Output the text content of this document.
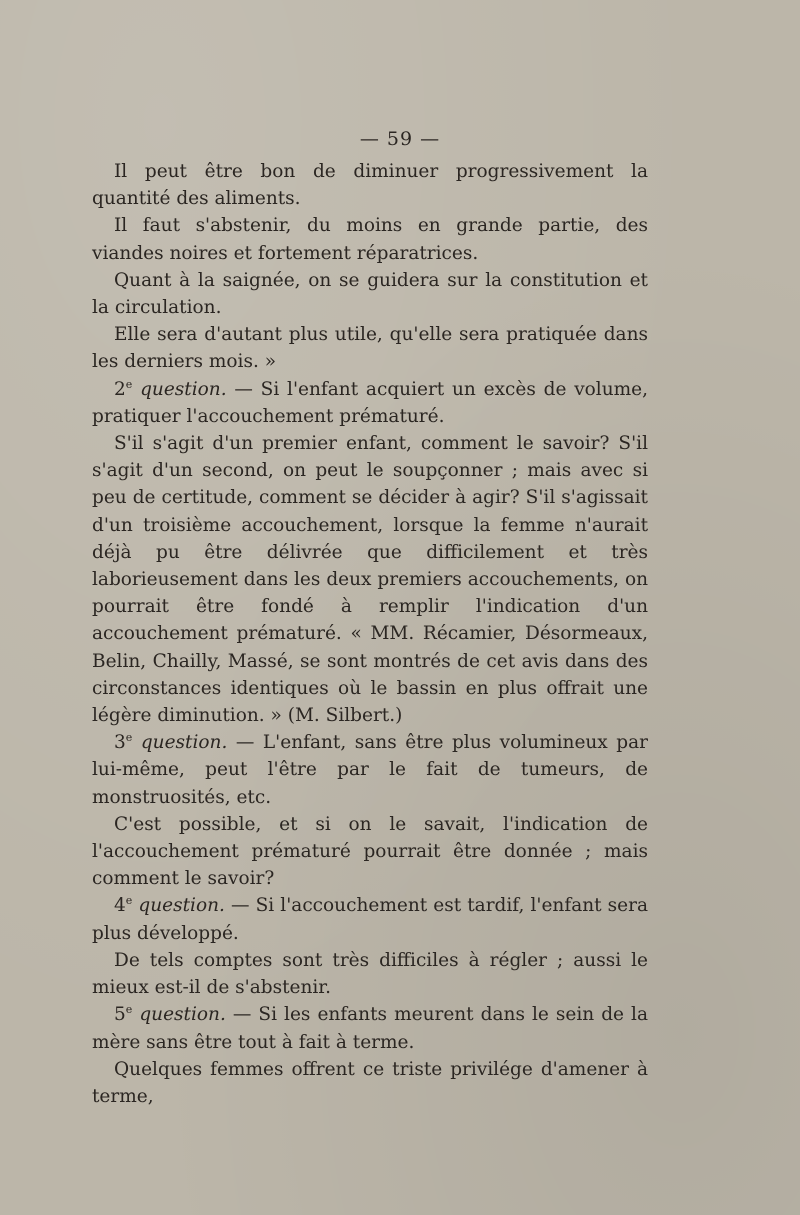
— 59 —

Il peut être bon de diminuer progressivement la quantité des aliments.

Il faut s'abstenir, du moins en grande partie, des viandes noires et fortement réparatrices.

Quant à la saignée, on se guidera sur la constitution et la circulation.

Elle sera d'autant plus utile, qu'elle sera pratiquée dans les derniers mois. »

2e question. — Si l'enfant acquiert un excès de volume, pratiquer l'accouchement prématuré.

S'il s'agit d'un premier enfant, comment le savoir? S'il s'agit d'un second, on peut le soupçonner ; mais avec si peu de certitude, comment se décider à agir? S'il s'agissait d'un troisième accouchement, lorsque la femme n'aurait déjà pu être délivrée que difficilement et très laborieusement dans les deux premiers accouchements, on pourrait être fondé à remplir l'indication d'un accouchement prématuré. « MM. Récamier, Désormeaux, Belin, Chailly, Massé, se sont montrés de cet avis dans des circonstances identiques où le bassin en plus offrait une légère diminution. » (M. Silbert.)

3e question. — L'enfant, sans être plus volumineux par lui-même, peut l'être par le fait de tumeurs, de monstruosités, etc.

C'est possible, et si on le savait, l'indication de l'accouchement prématuré pourrait être donnée ; mais comment le savoir?

4e question. — Si l'accouchement est tardif, l'enfant sera plus développé.

De tels comptes sont très difficiles à régler ; aussi le mieux est-il de s'abstenir.

5e question. — Si les enfants meurent dans le sein de la mère sans être tout à fait à terme.

Quelques femmes offrent ce triste privilége d'amener à terme,
